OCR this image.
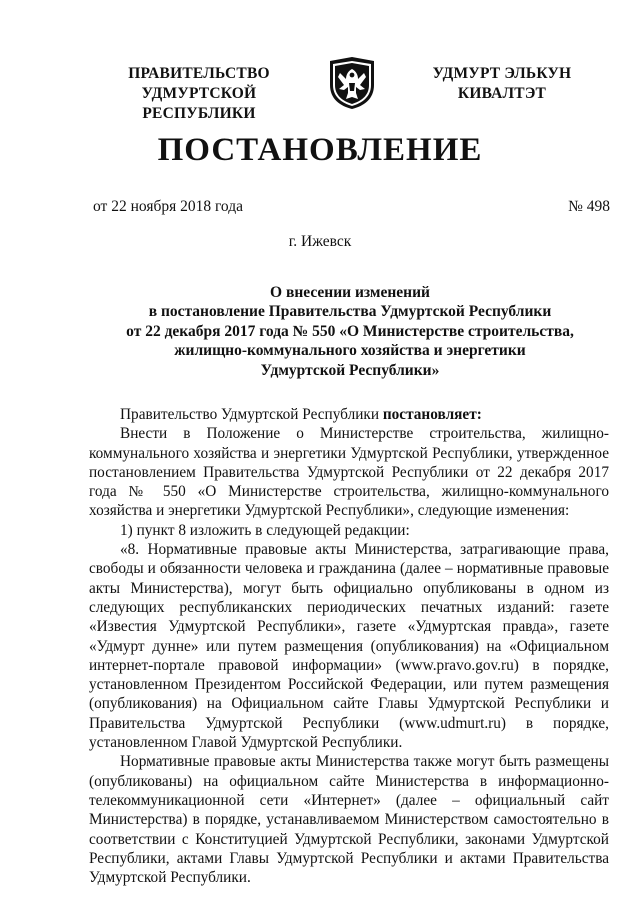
ПРАВИТЕЛЬСТВО
УДМУРТСКОЙ РЕСПУБЛИКИ
УДМУРТ ЭЛЬКУН
КИВАЛТЭТ
ПОСТАНОВЛЕНИЕ
от 22 ноября 2018 года	№ 498
г. Ижевск
О внесении изменений
в постановление Правительства Удмуртской Республики
от 22 декабря 2017 года № 550 «О Министерстве строительства,
жилищно-коммунального хозяйства и энергетики
Удмуртской Республики»

Правительство Удмуртской Республики постановляет:

Внести в Положение о Министерстве строительства, жилищно-коммунального хозяйства и энергетики Удмуртской Республики, утвержденное постановлением Правительства Удмуртской Республики от 22 декабря 2017 года № 550 «О Министерстве строительства, жилищно-коммунального хозяйства и энергетики Удмуртской Республики», следующие изменения:

1) пункт 8 изложить в следующей редакции:

«8. Нормативные правовые акты Министерства, затрагивающие права, свободы и обязанности человека и гражданина (далее – нормативные правовые акты Министерства), могут быть официально опубликованы в одном из следующих республиканских периодических печатных изданий: газете «Известия Удмуртской Республики», газете «Удмуртская правда», газете «Удмурт дунне» или путем размещения (опубликования) на «Официальном интернет-портале правовой информации» (www.pravo.gov.ru) в порядке, установленном Президентом Российской Федерации, или путем размещения (опубликования) на Официальном сайте Главы Удмуртской Республики и Правительства Удмуртской Республики (www.udmurt.ru) в порядке, установленном Главой Удмуртской Республики.

Нормативные правовые акты Министерства также могут быть размещены (опубликованы) на официальном сайте Министерства в информационно-телекоммуникационной сети «Интернет» (далее – официальный сайт Министерства) в порядке, устанавливаемом Министерством самостоятельно в соответствии с Конституцией Удмуртской Республики, законами Удмуртской Республики, актами Главы Удмуртской Республики и актами Правительства Удмуртской Республики.
